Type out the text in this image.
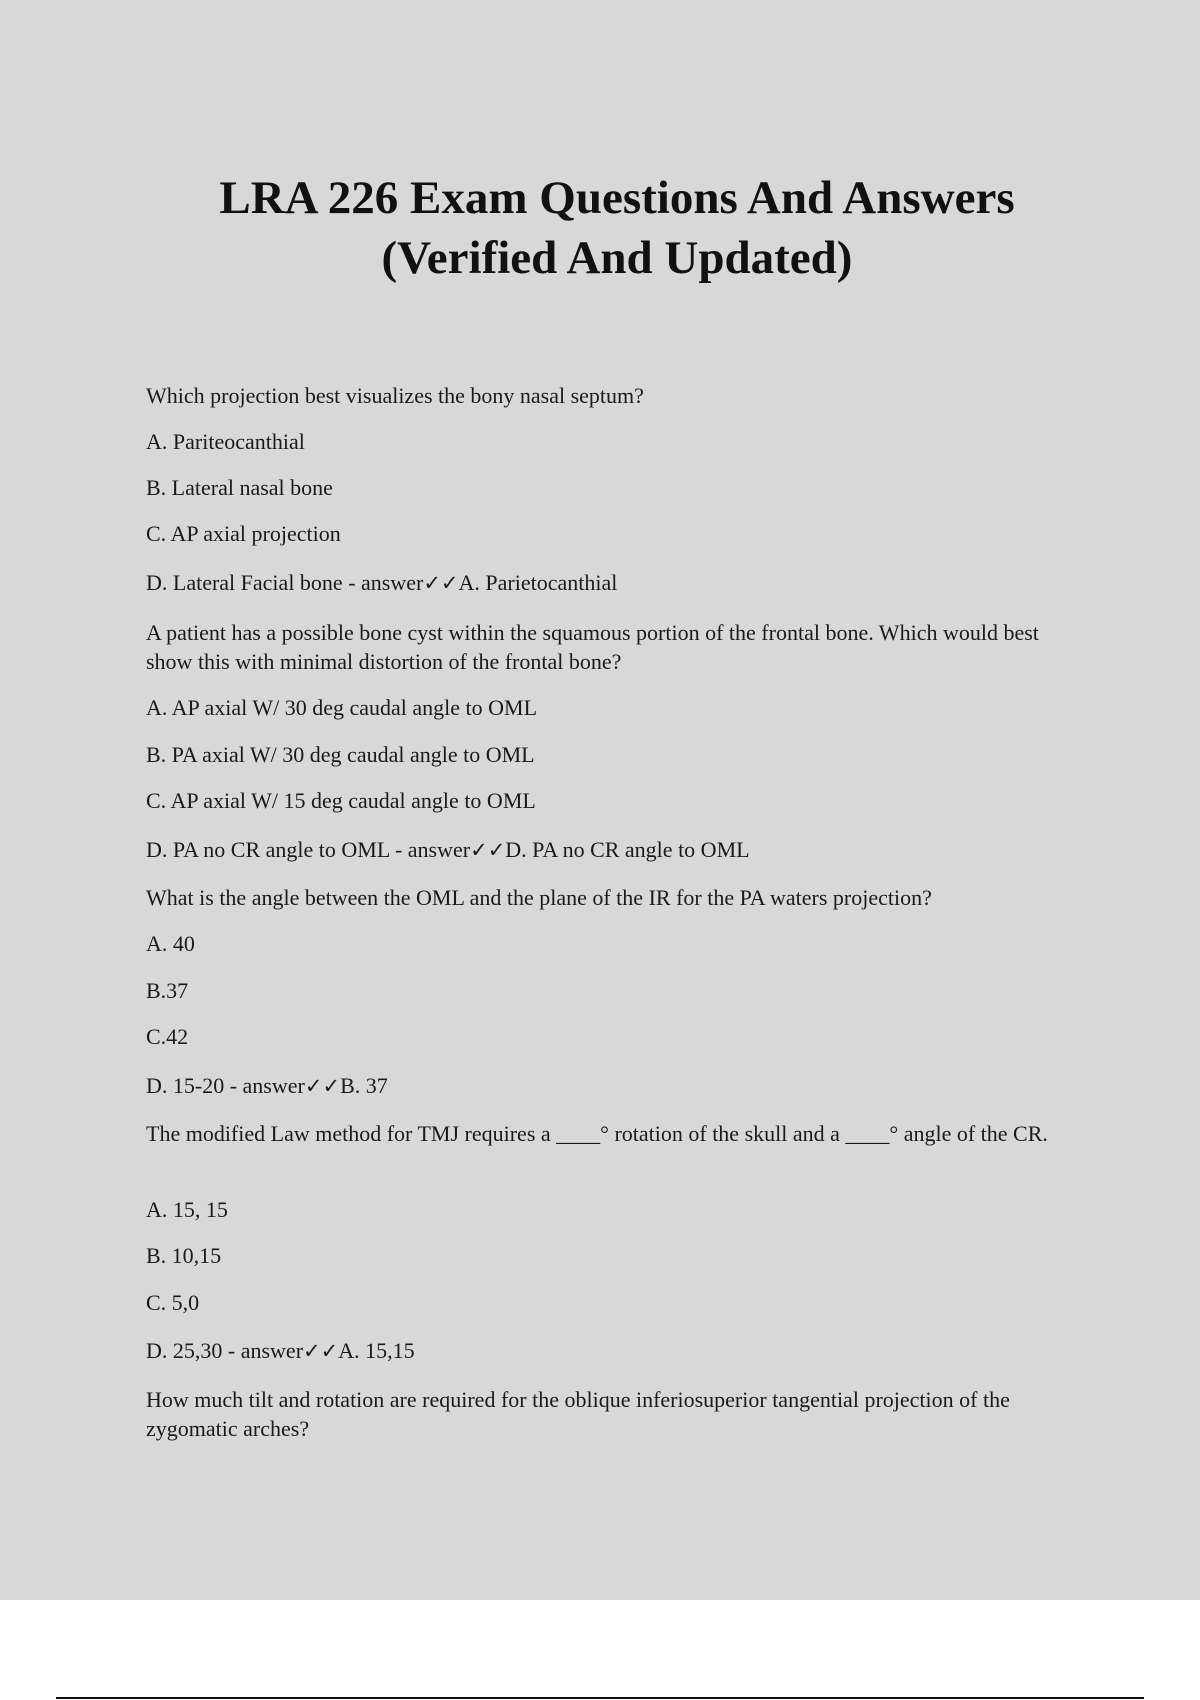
LRA 226 Exam Questions And Answers
(Verified And Updated)
Which projection best visualizes the bony nasal septum?
A. Pariteocanthial
B. Lateral nasal bone
C. AP axial projection
D. Lateral Facial bone - answer✓✓A. Parietocanthial
A patient has a possible bone cyst within the squamous portion of the frontal bone. Which would best show this with minimal distortion of the frontal bone?
A. AP axial W/ 30 deg caudal angle to OML
B. PA axial W/ 30 deg caudal angle to OML
C. AP axial W/ 15 deg caudal angle to OML
D. PA no CR angle to OML - answer✓✓D. PA no CR angle to OML
What is the angle between the OML and the plane of the IR for the PA waters projection?
A. 40
B.37
C.42
D. 15-20 - answer✓✓B. 37
The modified Law method for TMJ requires a ____° rotation of the skull and a ____° angle of the CR.
A. 15, 15
B. 10,15
C. 5,0
D. 25,30 - answer✓✓A. 15,15
How much tilt and rotation are required for the oblique inferiosuperior tangential projection of the zygomatic arches?
